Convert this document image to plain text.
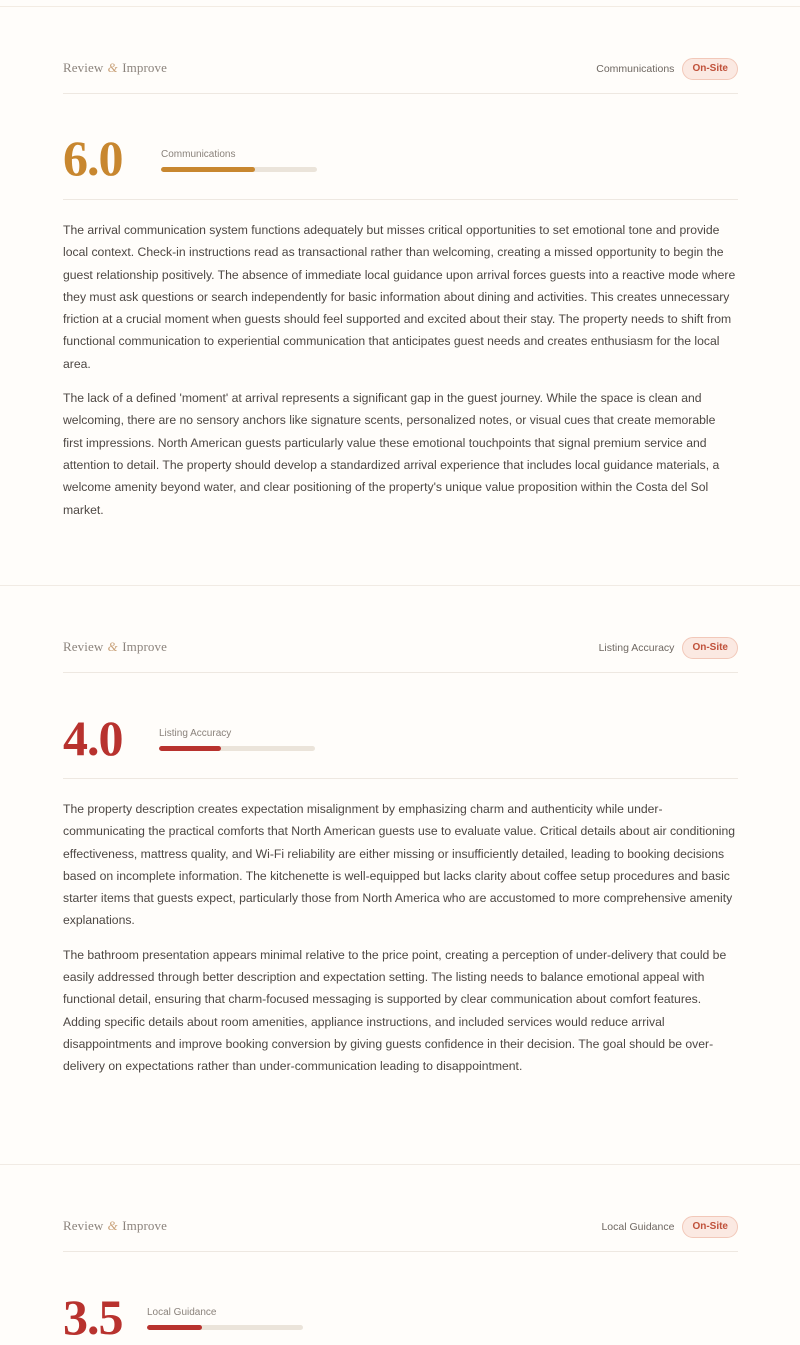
Review & Improve	Communications	On-Site
6.0	Communications

The arrival communication system functions adequately but misses critical opportunities to set emotional tone and provide local context. Check-in instructions read as transactional rather than welcoming, creating a missed opportunity to begin the guest relationship positively. The absence of immediate local guidance upon arrival forces guests into a reactive mode where they must ask questions or search independently for basic information about dining and activities. This creates unnecessary friction at a crucial moment when guests should feel supported and excited about their stay. The property needs to shift from functional communication to experiential communication that anticipates guest needs and creates enthusiasm for the local area.

The lack of a defined 'moment' at arrival represents a significant gap in the guest journey. While the space is clean and welcoming, there are no sensory anchors like signature scents, personalized notes, or visual cues that create memorable first impressions. North American guests particularly value these emotional touchpoints that signal premium service and attention to detail. The property should develop a standardized arrival experience that includes local guidance materials, a welcome amenity beyond water, and clear positioning of the property's unique value proposition within the Costa del Sol market.

Review & Improve	Listing Accuracy	On-Site
4.0	Listing Accuracy

The property description creates expectation misalignment by emphasizing charm and authenticity while under-communicating the practical comforts that North American guests use to evaluate value. Critical details about air conditioning effectiveness, mattress quality, and Wi-Fi reliability are either missing or insufficiently detailed, leading to booking decisions based on incomplete information. The kitchenette is well-equipped but lacks clarity about coffee setup procedures and basic starter items that guests expect, particularly those from North America who are accustomed to more comprehensive amenity explanations.

The bathroom presentation appears minimal relative to the price point, creating a perception of under-delivery that could be easily addressed through better description and expectation setting. The listing needs to balance emotional appeal with functional detail, ensuring that charm-focused messaging is supported by clear communication about comfort features. Adding specific details about room amenities, appliance instructions, and included services would reduce arrival disappointments and improve booking conversion by giving guests confidence in their decision. The goal should be over-delivery on expectations rather than under-communication leading to disappointment.

Review & Improve	Local Guidance	On-Site
3.5 Local Guidance
